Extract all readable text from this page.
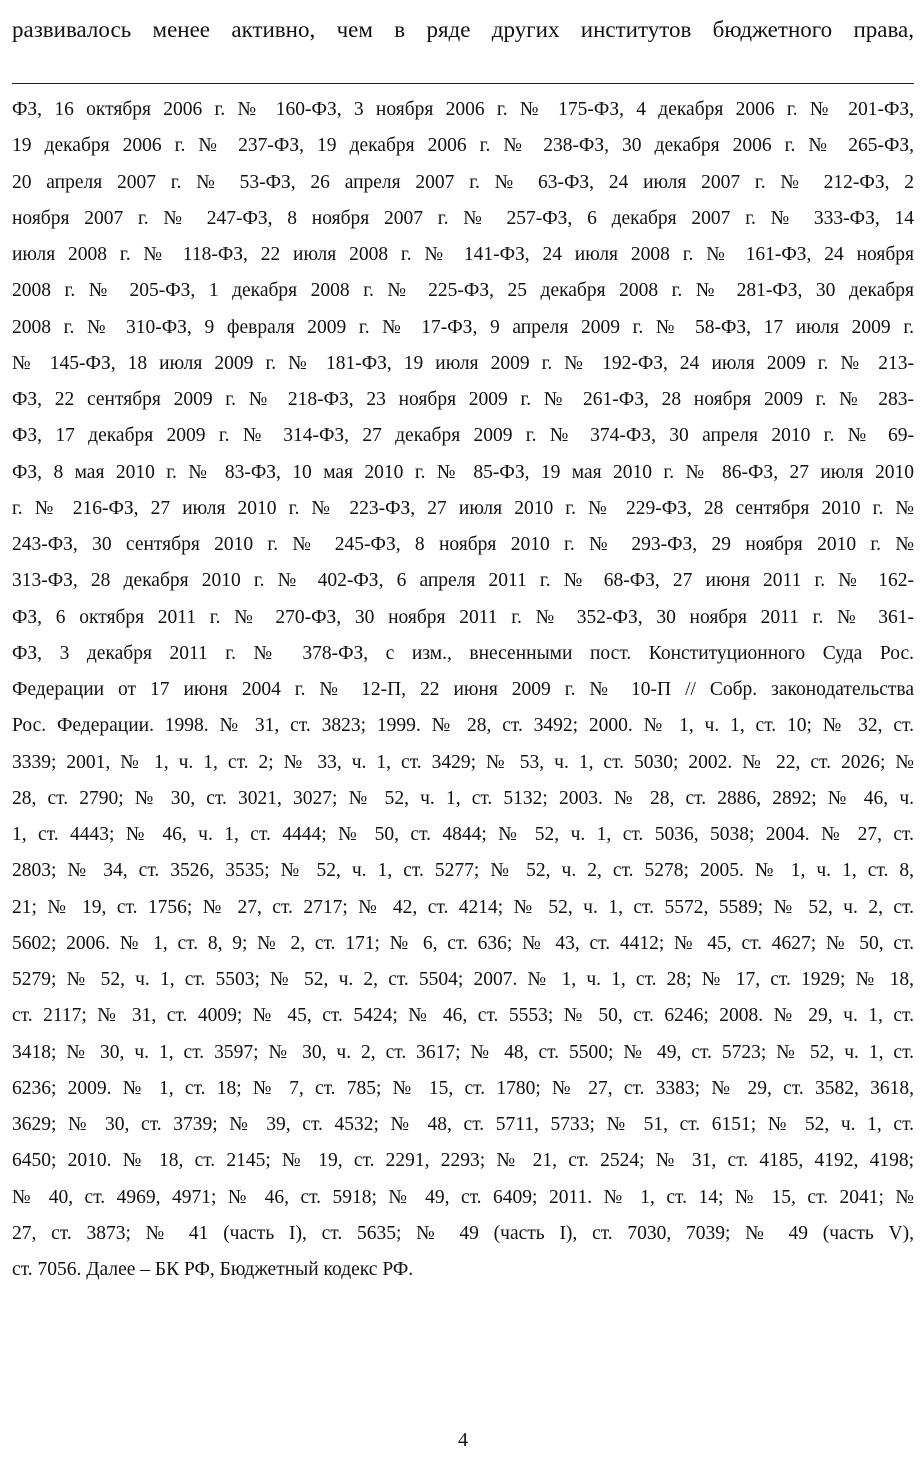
развивалось менее активно, чем в ряде других институтов бюджетного права,
ФЗ, 16 октября 2006 г. № 160-ФЗ, 3 ноября 2006 г. № 175-ФЗ, 4 декабря 2006 г. № 201-ФЗ,
19 декабря 2006 г. № 237-ФЗ, 19 декабря 2006 г. № 238-ФЗ, 30 декабря 2006 г. № 265-ФЗ,
20 апреля 2007 г. № 53-ФЗ, 26 апреля 2007 г. № 63-ФЗ, 24 июля 2007 г. № 212-ФЗ, 2
ноября 2007 г. № 247-ФЗ, 8 ноября 2007 г. № 257-ФЗ, 6 декабря 2007 г. № 333-ФЗ, 14
июля 2008 г. № 118-ФЗ, 22 июля 2008 г. № 141-ФЗ, 24 июля 2008 г. № 161-ФЗ, 24 ноября
2008 г. № 205-ФЗ, 1 декабря 2008 г. № 225-ФЗ, 25 декабря 2008 г. № 281-ФЗ, 30 декабря
2008 г. № 310-ФЗ, 9 февраля 2009 г. № 17-ФЗ, 9 апреля 2009 г. № 58-ФЗ, 17 июля 2009 г.
№ 145-ФЗ, 18 июля 2009 г. № 181-ФЗ, 19 июля 2009 г. № 192-ФЗ, 24 июля 2009 г. № 213-
ФЗ, 22 сентября 2009 г. № 218-ФЗ, 23 ноября 2009 г. № 261-ФЗ, 28 ноября 2009 г. № 283-
ФЗ, 17 декабря 2009 г. № 314-ФЗ, 27 декабря 2009 г. № 374-ФЗ, 30 апреля 2010 г. № 69-
ФЗ, 8 мая 2010 г. № 83-ФЗ, 10 мая 2010 г. № 85-ФЗ, 19 мая 2010 г. № 86-ФЗ, 27 июля 2010
г. № 216-ФЗ, 27 июля 2010 г. № 223-ФЗ, 27 июля 2010 г. № 229-ФЗ, 28 сентября 2010 г. №
243-ФЗ, 30 сентября 2010 г. № 245-ФЗ, 8 ноября 2010 г. № 293-ФЗ, 29 ноября 2010 г. №
313-ФЗ, 28 декабря 2010 г. № 402-ФЗ, 6 апреля 2011 г. № 68-ФЗ, 27 июня 2011 г. № 162-
ФЗ, 6 октября 2011 г. № 270-ФЗ, 30 ноября 2011 г. № 352-ФЗ, 30 ноября 2011 г. № 361-
ФЗ, 3 декабря 2011 г. № 378-ФЗ, с изм., внесенными пост. Конституционного Суда Рос.
Федерации от 17 июня 2004 г. № 12-П, 22 июня 2009 г. № 10-П // Собр. законодательства
Рос. Федерации. 1998. № 31, ст. 3823; 1999. № 28, ст. 3492; 2000. № 1, ч. 1, ст. 10; № 32, ст.
3339; 2001, № 1, ч. 1, ст. 2; № 33, ч. 1, ст. 3429; № 53, ч. 1, ст. 5030; 2002. № 22, ст. 2026; №
28, ст. 2790; № 30, ст. 3021, 3027; № 52, ч. 1, ст. 5132; 2003. № 28, ст. 2886, 2892; № 46, ч.
1, ст. 4443; № 46, ч. 1, ст. 4444; № 50, ст. 4844; № 52, ч. 1, ст. 5036, 5038; 2004. № 27, ст.
2803; № 34, ст. 3526, 3535; № 52, ч. 1, ст. 5277; № 52, ч. 2, ст. 5278; 2005. № 1, ч. 1, ст. 8,
21; № 19, ст. 1756; № 27, ст. 2717; № 42, ст. 4214; № 52, ч. 1, ст. 5572, 5589; № 52, ч. 2, ст.
5602; 2006. № 1, ст. 8, 9; № 2, ст. 171; № 6, ст. 636; № 43, ст. 4412; № 45, ст. 4627; № 50, ст.
5279; № 52, ч. 1, ст. 5503; № 52, ч. 2, ст. 5504; 2007. № 1, ч. 1, ст. 28; № 17, ст. 1929; № 18,
ст. 2117; № 31, ст. 4009; № 45, ст. 5424; № 46, ст. 5553; № 50, ст. 6246; 2008. № 29, ч. 1, ст.
3418; № 30, ч. 1, ст. 3597; № 30, ч. 2, ст. 3617; № 48, ст. 5500; № 49, ст. 5723; № 52, ч. 1, ст.
6236; 2009. № 1, ст. 18; № 7, ст. 785; № 15, ст. 1780; № 27, ст. 3383; № 29, ст. 3582, 3618,
3629; № 30, ст. 3739; № 39, ст. 4532; № 48, ст. 5711, 5733; № 51, ст. 6151; № 52, ч. 1, ст.
6450; 2010. № 18, ст. 2145; № 19, ст. 2291, 2293; № 21, ст. 2524; № 31, ст. 4185, 4192, 4198;
№ 40, ст. 4969, 4971; № 46, ст. 5918; № 49, ст. 6409; 2011. № 1, ст. 14; № 15, ст. 2041; №
27, ст. 3873; № 41 (часть I), ст. 5635; № 49 (часть I), ст. 7030, 7039; № 49 (часть V),
ст. 7056. Далее – БК РФ, Бюджетный кодекс РФ.
4
